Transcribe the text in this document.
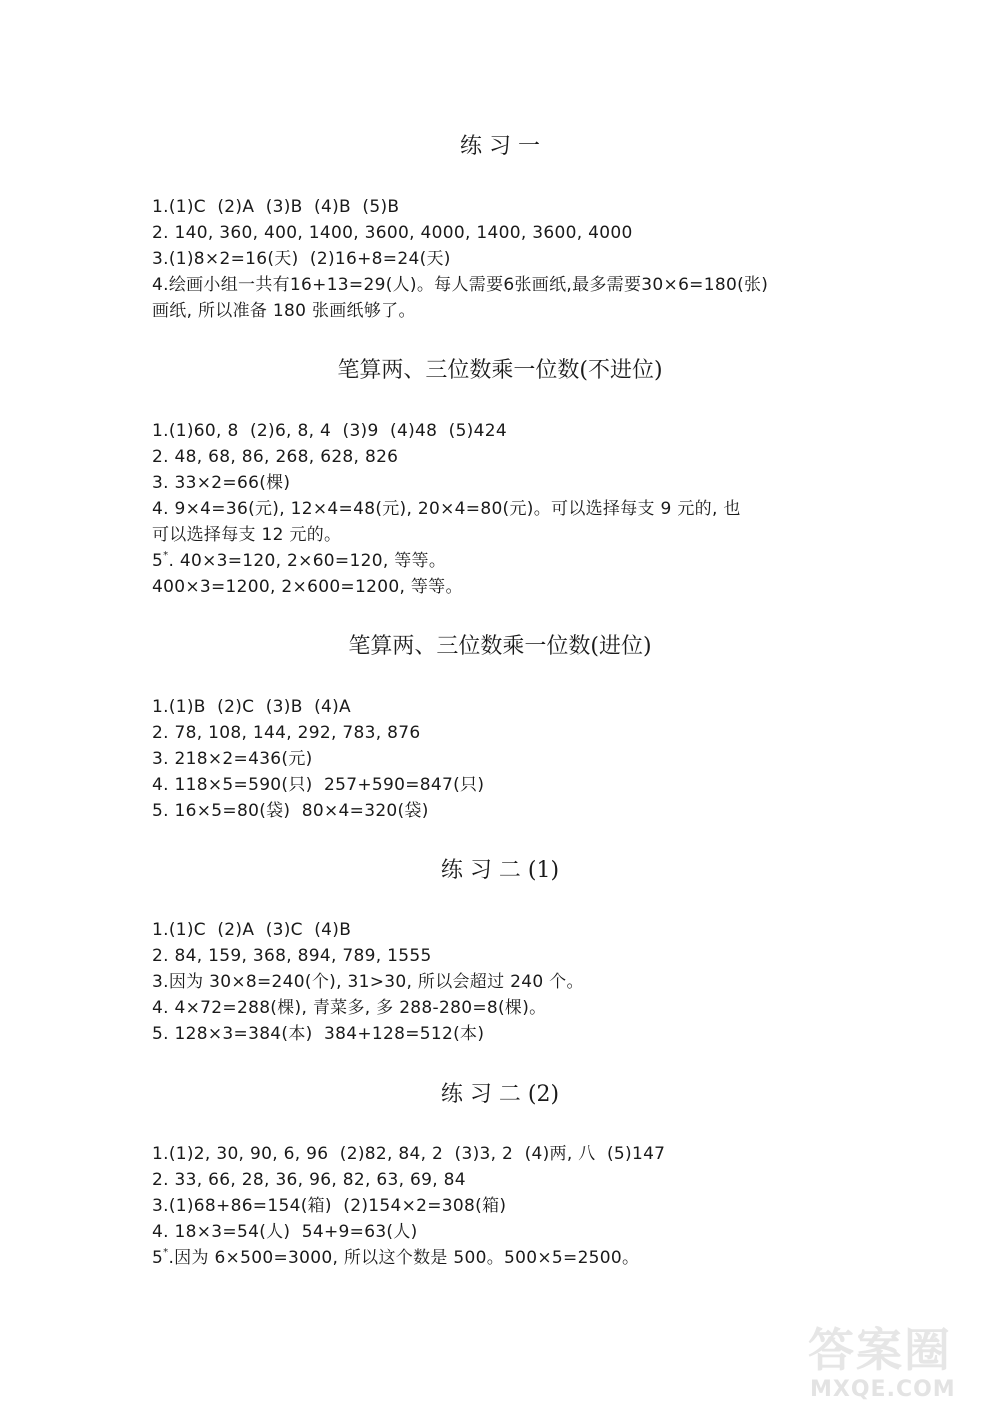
练 习 一
1.(1)C  (2)A  (3)B  (4)B  (5)B
2. 140, 360, 400, 1400, 3600, 4000, 1400, 3600, 4000
3.(1)8×2=16(天)  (2)16+8=24(天)
4.绘画小组一共有16+13=29(人)。每人需要6张画纸,最多需要30×6=180(张)
画纸, 所以准备 180 张画纸够了。
笔算两、三位数乘一位数(不进位)
1.(1)60, 8  (2)6, 8, 4  (3)9  (4)48  (5)424
2. 48, 68, 86, 268, 628, 826
3. 33×2=66(棵)
4. 9×4=36(元), 12×4=48(元), 20×4=80(元)。可以选择每支 9 元的, 也
可以选择每支 12 元的。
5*. 40×3=120, 2×60=120, 等等。
400×3=1200, 2×600=1200, 等等。
笔算两、三位数乘一位数(进位)
1.(1)B  (2)C  (3)B  (4)A
2. 78, 108, 144, 292, 783, 876
3. 218×2=436(元)
4. 118×5=590(只)  257+590=847(只)
5. 16×5=80(袋)  80×4=320(袋)
练 习 二 (1)
1.(1)C  (2)A  (3)C  (4)B
2. 84, 159, 368, 894, 789, 1555
3.因为 30×8=240(个), 31>30, 所以会超过 240 个。
4. 4×72=288(棵), 青菜多, 多 288-280=8(棵)。
5. 128×3=384(本)  384+128=512(本)
练 习 二 (2)
1.(1)2, 30, 90, 6, 96  (2)82, 84, 2  (3)3, 2  (4)两, 八  (5)147
2. 33, 66, 28, 36, 96, 82, 63, 69, 84
3.(1)68+86=154(箱)  (2)154×2=308(箱)
4. 18×3=54(人)  54+9=63(人)
5*.因为 6×500=3000, 所以这个数是 500。500×5=2500。
答案圈
MXQE.COM
